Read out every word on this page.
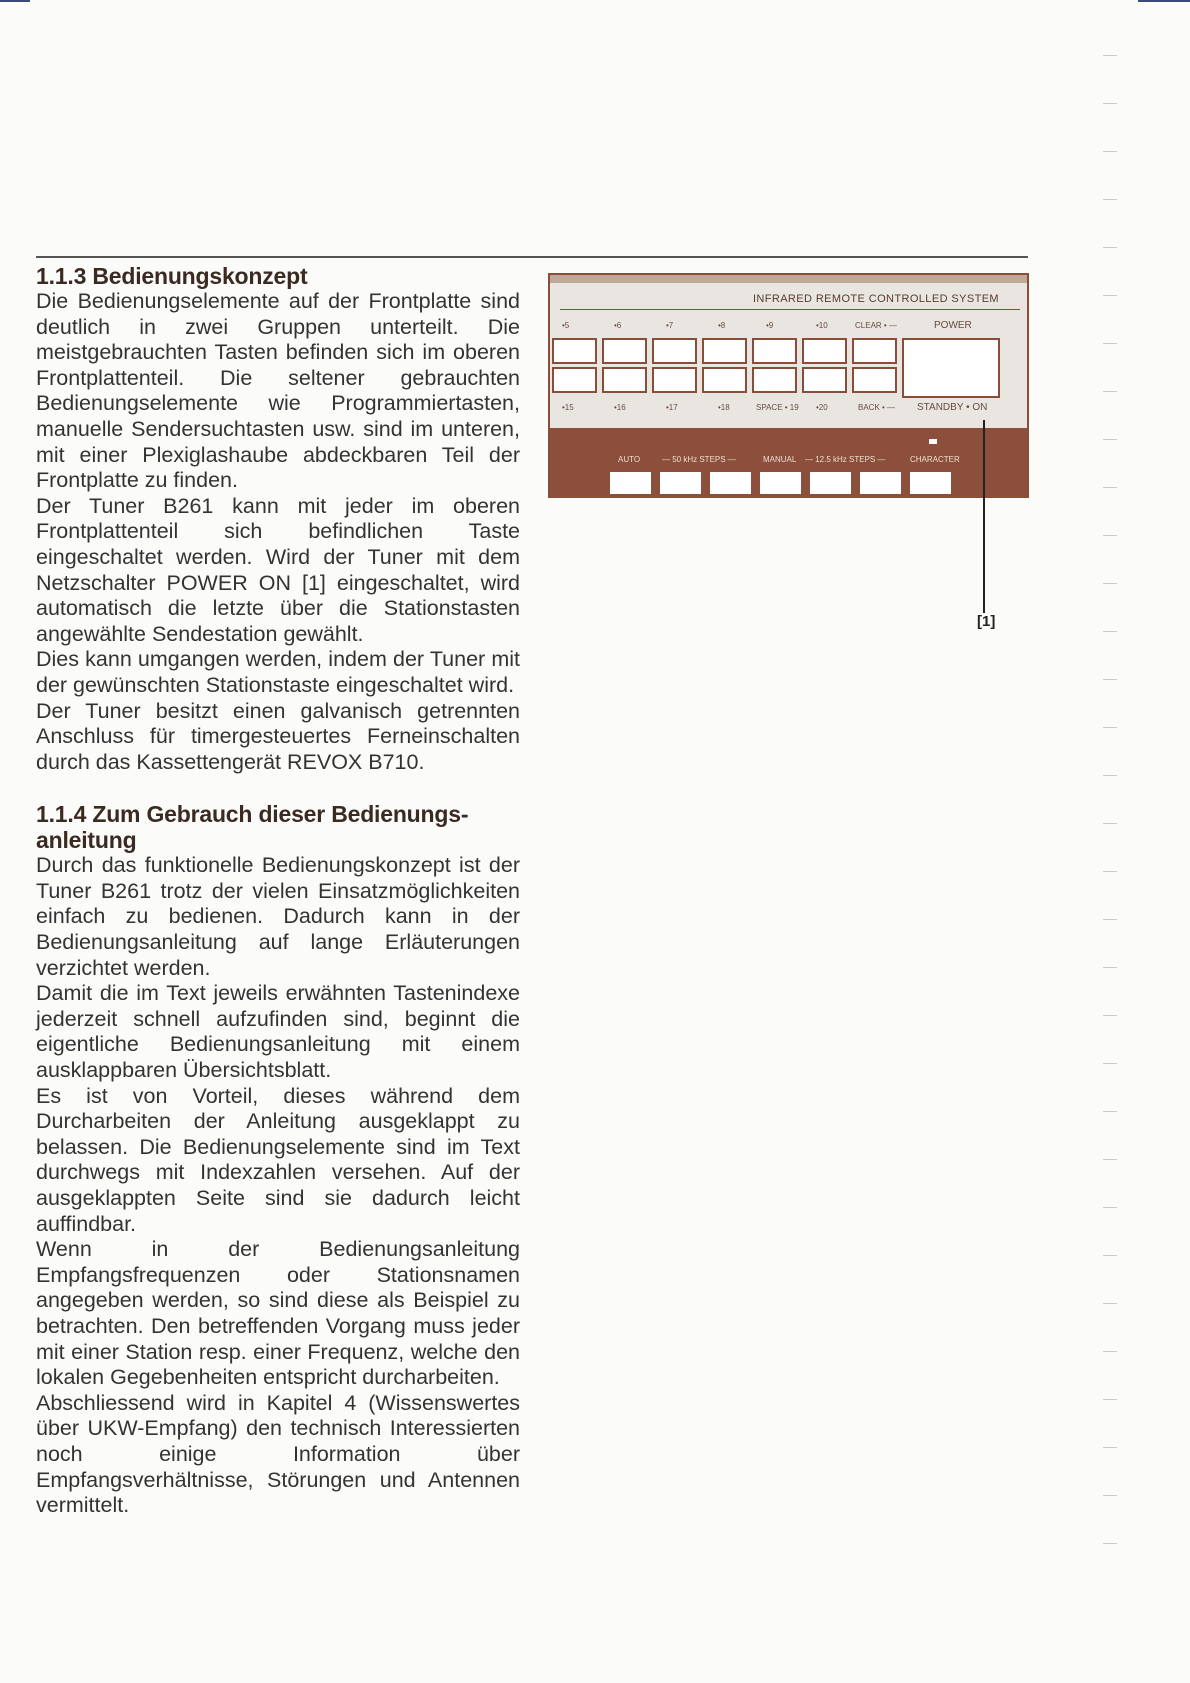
1.1.3 Bedienungskonzept

Die Bedienungselemente auf der Frontplatte sind deutlich in zwei Gruppen unterteilt. Die meistgebrauchten Tasten befinden sich im oberen Frontplattenteil. Die seltener gebrauchten Bedienungselemente wie Programmiertasten, manuelle Sendersuchtasten usw. sind im unteren, mit einer Plexiglashaube abdeckbaren Teil der Frontplatte zu finden.

Der Tuner B261 kann mit jeder im oberen Frontplattenteil sich befindlichen Taste eingeschaltet werden. Wird der Tuner mit dem Netzschalter POWER ON [1] eingeschaltet, wird automatisch die letzte über die Stationstasten angewählte Sendestation gewählt.

Dies kann umgangen werden, indem der Tuner mit der gewünschten Stationstaste eingeschaltet wird.

Der Tuner besitzt einen galvanisch getrennten Anschluss für timergesteuertes Ferneinschalten durch das Kassettengerät REVOX B710.

1.1.4 Zum Gebrauch dieser Bedienungs-
anleitung

Durch das funktionelle Bedienungskonzept ist der Tuner B261 trotz der vielen Einsatzmöglichkeiten einfach zu bedienen. Dadurch kann in der Bedienungsanleitung auf lange Erläuterungen verzichtet werden.

Damit die im Text jeweils erwähnten Tastenindexe jederzeit schnell aufzufinden sind, beginnt die eigentliche Bedienungsanleitung mit einem ausklappbaren Übersichtsblatt.

Es ist von Vorteil, dieses während dem Durcharbeiten der Anleitung ausgeklappt zu belassen. Die Bedienungselemente sind im Text durchwegs mit Indexzahlen versehen. Auf der ausgeklappten Seite sind sie dadurch leicht auffindbar.

Wenn in der Bedienungsanleitung Empfangsfrequenzen oder Stationsnamen angegeben werden, so sind diese als Beispiel zu betrachten. Den betreffenden Vorgang muss jeder mit einer Station resp. einer Frequenz, welche den lokalen Gegebenheiten entspricht durcharbeiten.

Abschliessend wird in Kapitel 4 (Wissenswertes über UKW-Empfang) den technisch Interessierten noch einige Information über Empfangsverhältnisse, Störungen und Antennen vermittelt.

INFRARED REMOTE CONTROLLED SYSTEM
•5	•6	•7	•8	•9	•10	CLEAR • —	POWER
•15	•16	•17	•18	SPACE • 19 •20	BACK • — STANDBY • ON
AUTO	— 50 kHz STEPS —	MANUAL — 12.5 kHz STEPS —	CHARACTER
[1]
